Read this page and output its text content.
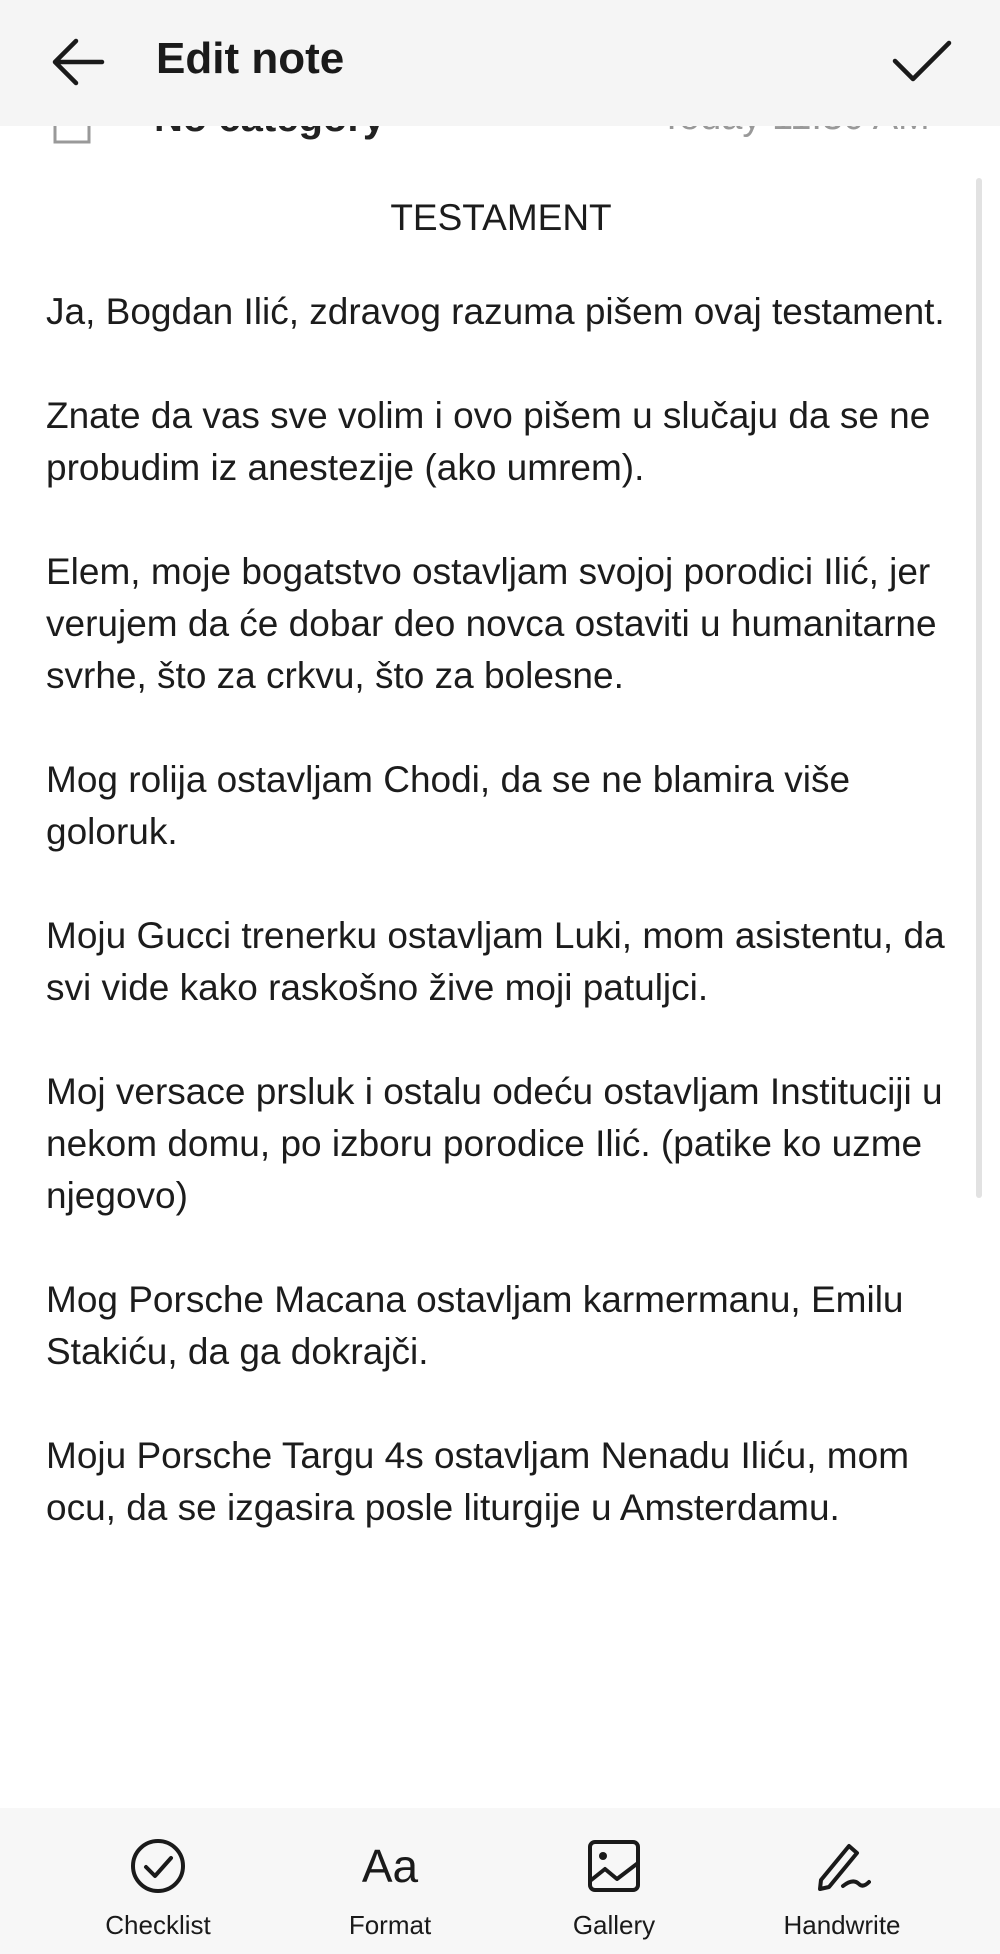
Edit note
TESTAMENT

Ja, Bogdan Ilić, zdravog razuma pišem ovaj testament.

Znate da vas sve volim i ovo pišem u slučaju da se ne probudim iz anestezije (ako umrem).

Elem, moje bogatstvo ostavljam svojoj porodici Ilić, jer verujem da će dobar deo novca ostaviti u humanitarne svrhe, što za crkvu, što za bolesne.

Mog rolija ostavljam Chodi, da se ne blamira više goloruk.

Moju Gucci trenerku ostavljam Luki, mom asistentu, da svi vide kako raskošno žive moji patuljci.

Moj versace prsluk i ostalu odeću ostavljam Instituciji u nekom domu, po izboru porodice Ilić. (patike ko uzme njegovo)

Mog Porsche Macana ostavljam karmermanu, Emilu Stakiću, da ga dokrajči.

Moju Porsche Targu 4s ostavljam Nenadu Iliću, mom ocu, da se izgasira posle liturgije u Amsterdamu.

Checklist
Aa
Format	Gallery	Handwrite
